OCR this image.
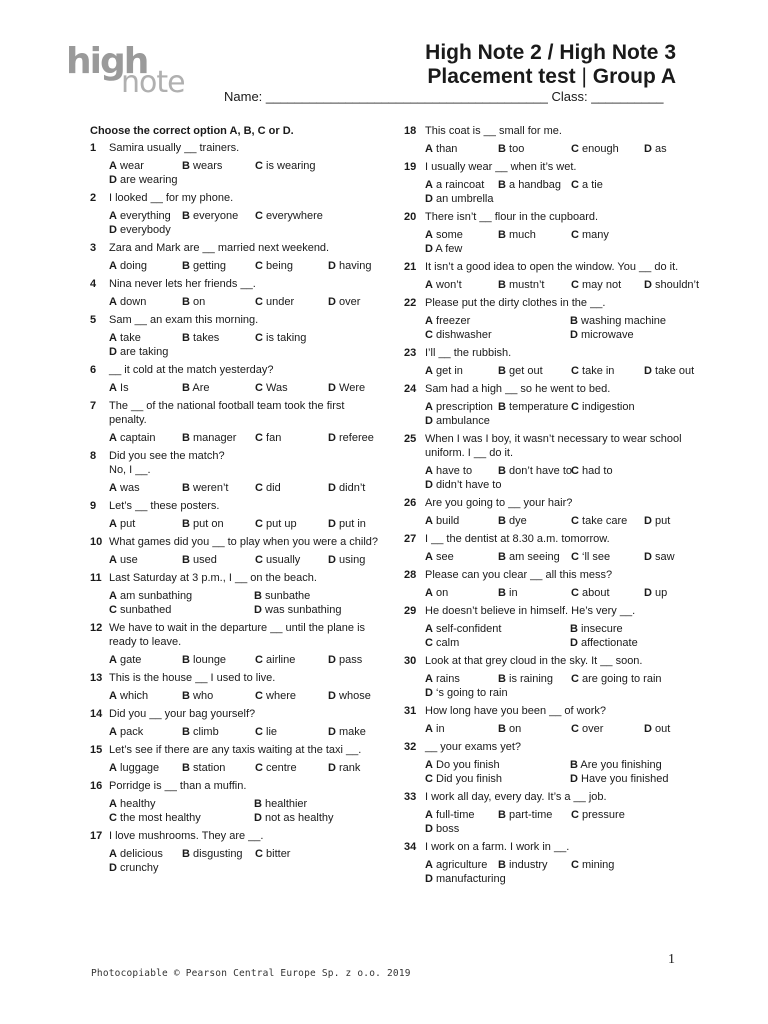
high
note
High Note 2 / High Note 3
Placement test | Group A
Name: _______________________________________ Class: __________
Choose the correct option A, B, C or D.
1 Samira usually __ trainers.
A wear	B wears	C is wearing
D are wearing
2 I looked __ for my phone.
A everything B everyone C everywhere
D everybody
3 Zara and Mark are __ married next weekend.
A doing	B getting	C being	D having
4 Nina never lets her friends __.
A down	B on	C under	D over
5 Sam __ an exam this morning.
A take	B takes	C is taking
D are taking
6 __ it cold at the match yesterday?
A Is	B Are	C Was	D Were
7 The __ of the national football team took the first penalty.
A captain B manager C fan	D referee
8 Did you see the match?
No, I __.
A was	B weren’t C did	D didn’t
9 Let’s __ these posters.
A put	B put on	C put up	D put in
10 What games did you __ to play when you were a child?
A use	B used	C usually	D using
11 Last Saturday at 3 p.m., I __ on the beach.
A am sunbathing	B sunbathe
C sunbathed	D was sunbathing
12 We have to wait in the departure __ until the plane is ready to leave.
A gate	B lounge	C airline	D pass
13 This is the house __ I used to live.
A which	B who	C where	D whose
14 Did you __ your bag yourself?
A pack	B climb	C lie	D make
15 Let’s see if there are any taxis waiting at the taxi __.
A luggage B station	C centre	D rank
16 Porridge is __ than a muffin.
A healthy	B healthier
C the most healthy	D not as healthy
17 I love mushrooms. They are __.
A delicious B disgusting C bitter
D crunchy
18 This coat is __ small for me.
A than	B too	C enough D as
19 I usually wear __ when it’s wet.
A a raincoat B a handbag C a tie
D an umbrella
20 There isn’t __ flour in the cupboard.
A some	B much	C many
D A few
21 It isn’t a good idea to open the window. You __ do it.
A won’t	B mustn’t C may not D shouldn’t
22 Please put the dirty clothes in the __.
A freezer	B washing machine
C dishwasher	D microwave
23 I’ll __ the rubbish.
A get in	B get out	C take in	D take out
24 Sam had a high __ so he went to bed.
A prescription B temperature C indigestion
D ambulance
25 When I was I boy, it wasn’t necessary to wear school uniform. I __ do it.
A have to B don’t have toC had to
D didn’t have to
26 Are you going to __ your hair?
A build	B dye	C take care D put
27 I __ the dentist at 8.30 a.m. tomorrow.
A see	B am seeing C ‘ll see	D saw
28 Please can you clear __ all this mess?
A on	B in	C about	D up
29 He doesn’t believe in himself. He’s very __.
A self-confident	B insecure
C calm	D affectionate
30 Look at that grey cloud in the sky. It __ soon.
A rains	B is raining C are going to rain
D ‘s going to rain
31 How long have you been __ of work?
A in	B on	C over	D out
32 __ your exams yet?
A Do you finish	B Are you finishing
C Did you finish	D Have you finished
33 I work all day, every day. It’s a __ job.
A full-time B part-time C pressure
D boss
34 I work on a farm. I work in __.
A agriculture B industry C mining
D manufacturing
Photocopiable © Pearson Central Europe Sp. z o.o. 2019
1
